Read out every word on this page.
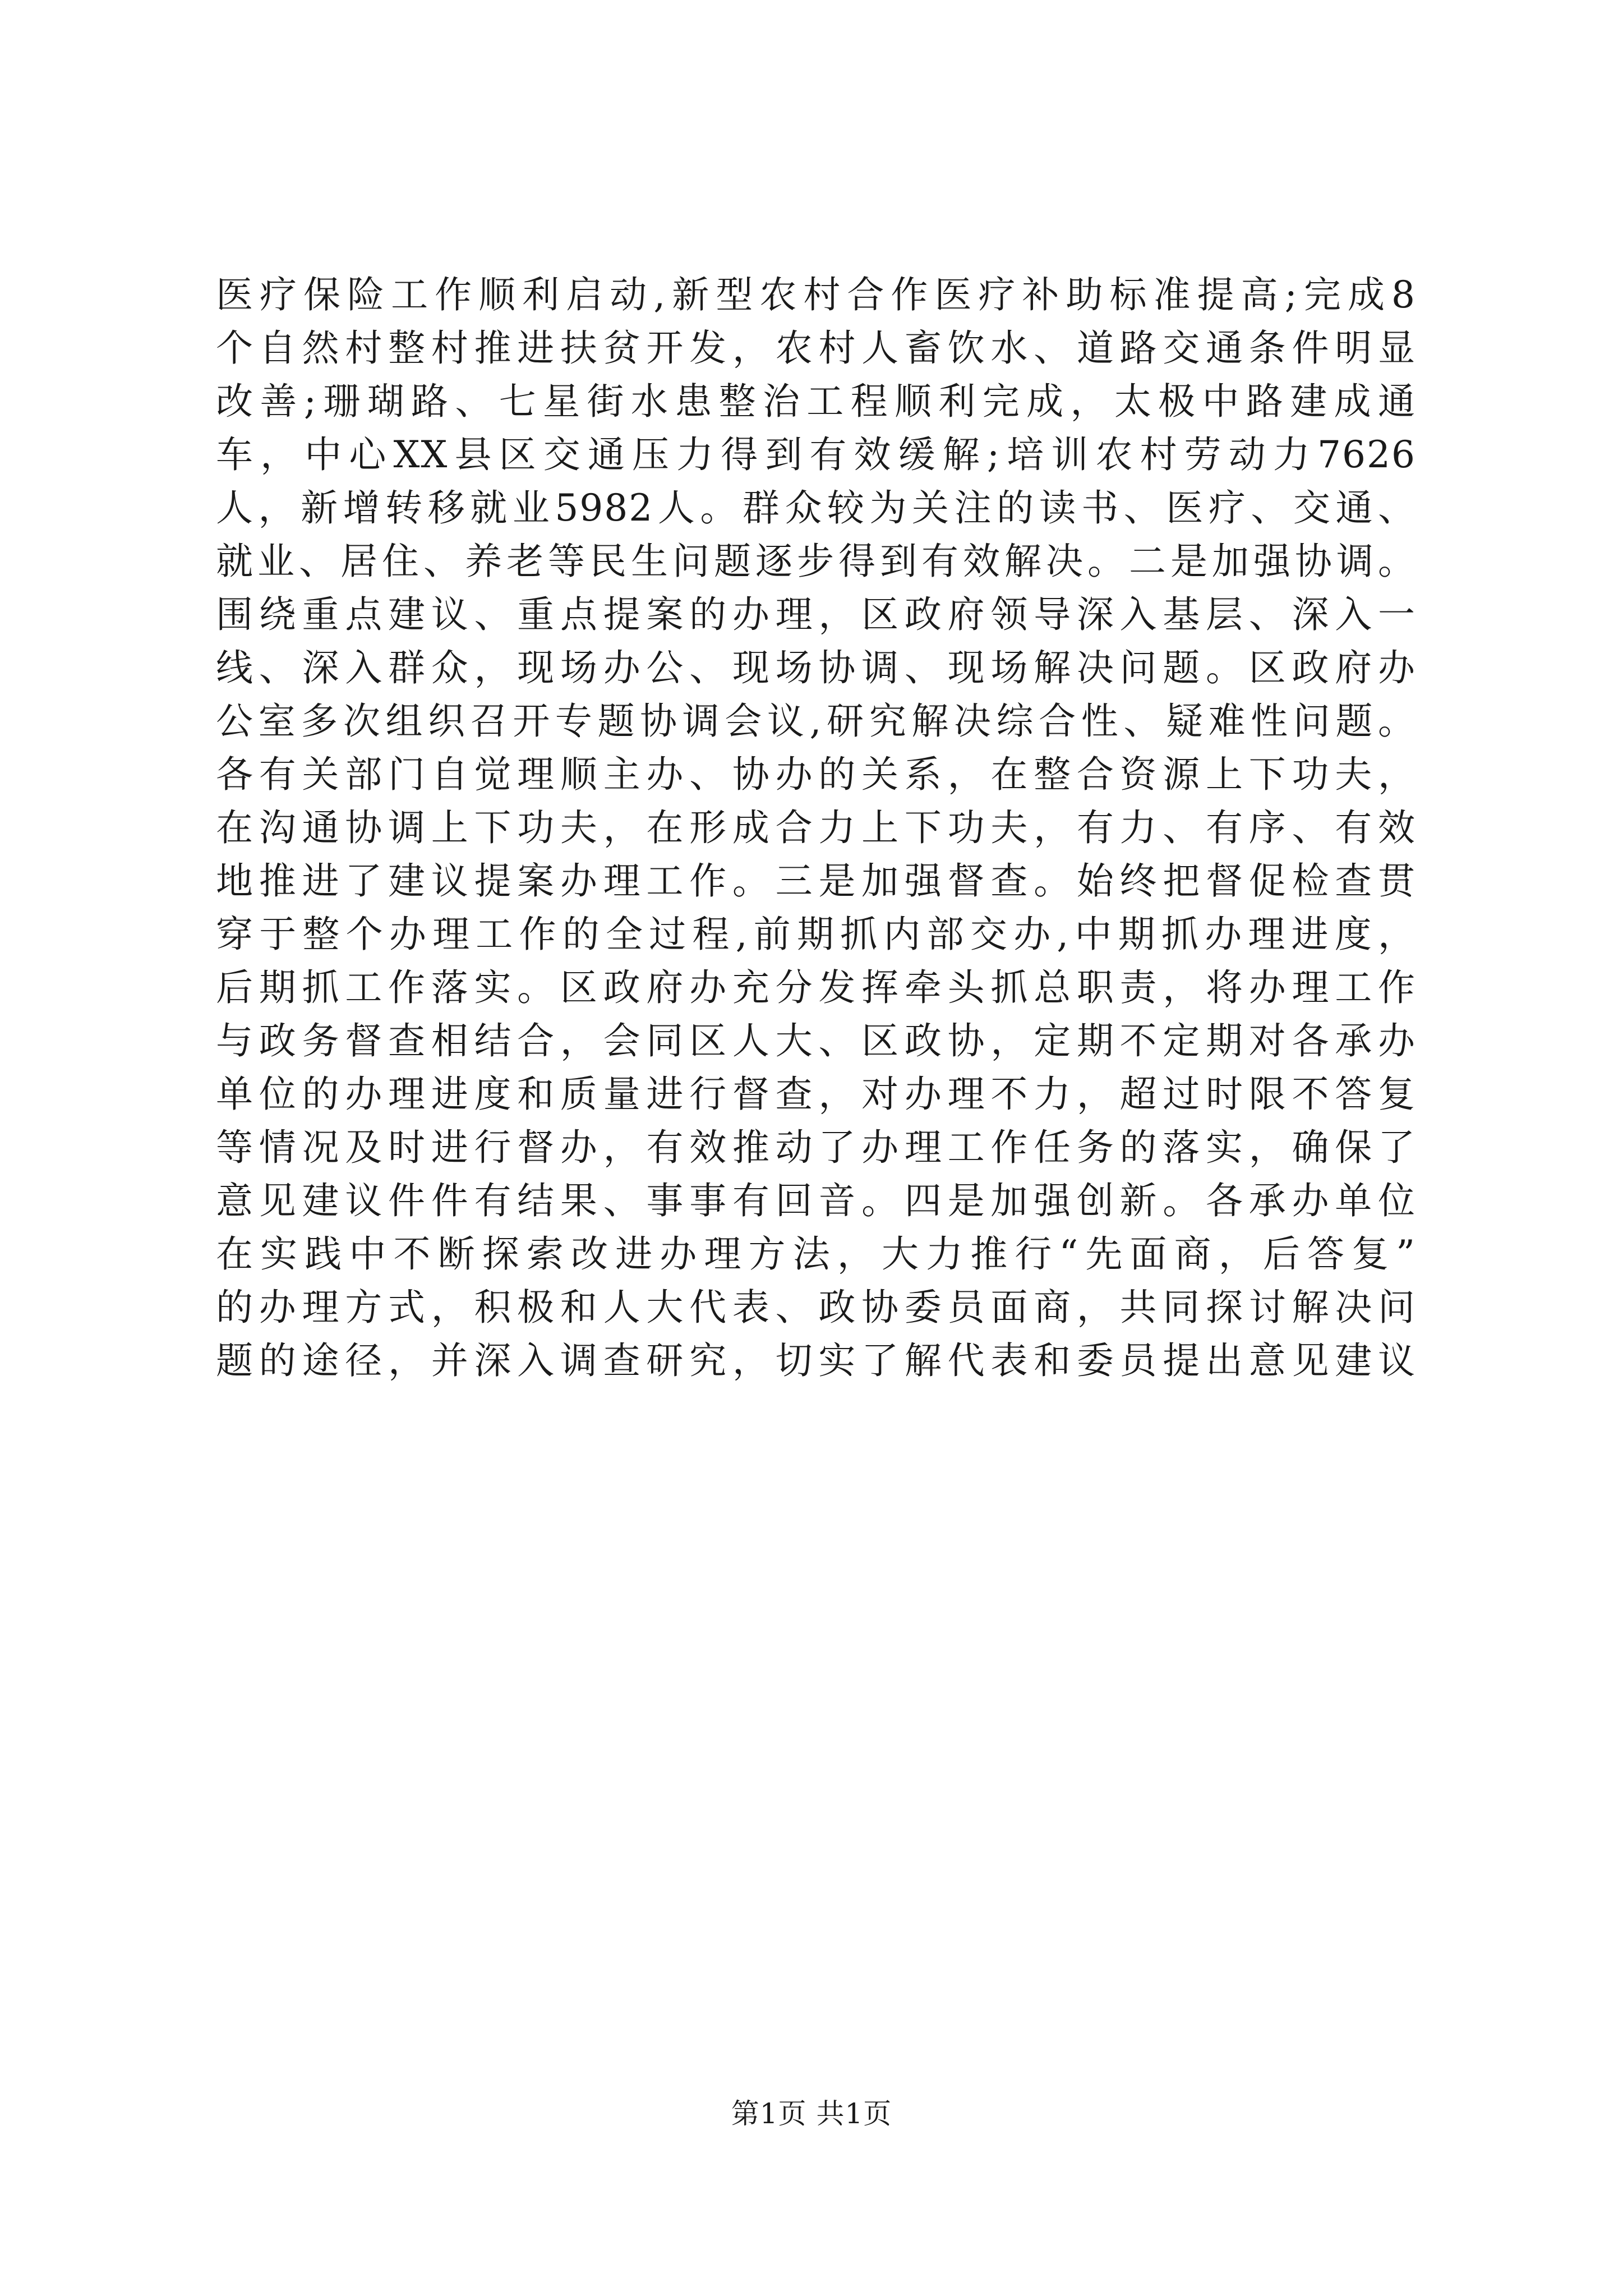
医疗保险工作顺利启动,新型农村合作医疗补助标准提高;完成8
个自然村整村推进扶贫开发，农村人畜饮水、道路交通条件明显
改善;珊瑚路、七星街水患整治工程顺利完成，太极中路建成通
车，中心XX县区交通压力得到有效缓解;培训农村劳动力7626
人，新增转移就业5982人。群众较为关注的读书、医疗、交通、
就业、居住、养老等民生问题逐步得到有效解决。二是加强协调。
围绕重点建议、重点提案的办理，区政府领导深入基层、深入一
线、深入群众，现场办公、现场协调、现场解决问题。区政府办
公室多次组织召开专题协调会议,研究解决综合性、疑难性问题。
各有关部门自觉理顺主办、协办的关系，在整合资源上下功夫，
在沟通协调上下功夫，在形成合力上下功夫，有力、有序、有效
地推进了建议提案办理工作。三是加强督查。始终把督促检查贯
穿于整个办理工作的全过程,前期抓内部交办,中期抓办理进度，
后期抓工作落实。区政府办充分发挥牵头抓总职责，将办理工作
与政务督查相结合，会同区人大、区政协，定期不定期对各承办
单位的办理进度和质量进行督查，对办理不力，超过时限不答复
等情况及时进行督办，有效推动了办理工作任务的落实，确保了
意见建议件件有结果、事事有回音。四是加强创新。各承办单位
在实践中不断探索改进办理方法，大力推行“先面商，后答复”
的办理方式，积极和人大代表、政协委员面商，共同探讨解决问
题的途径，并深入调查研究，切实了解代表和委员提出意见建议
第1页 共1页
